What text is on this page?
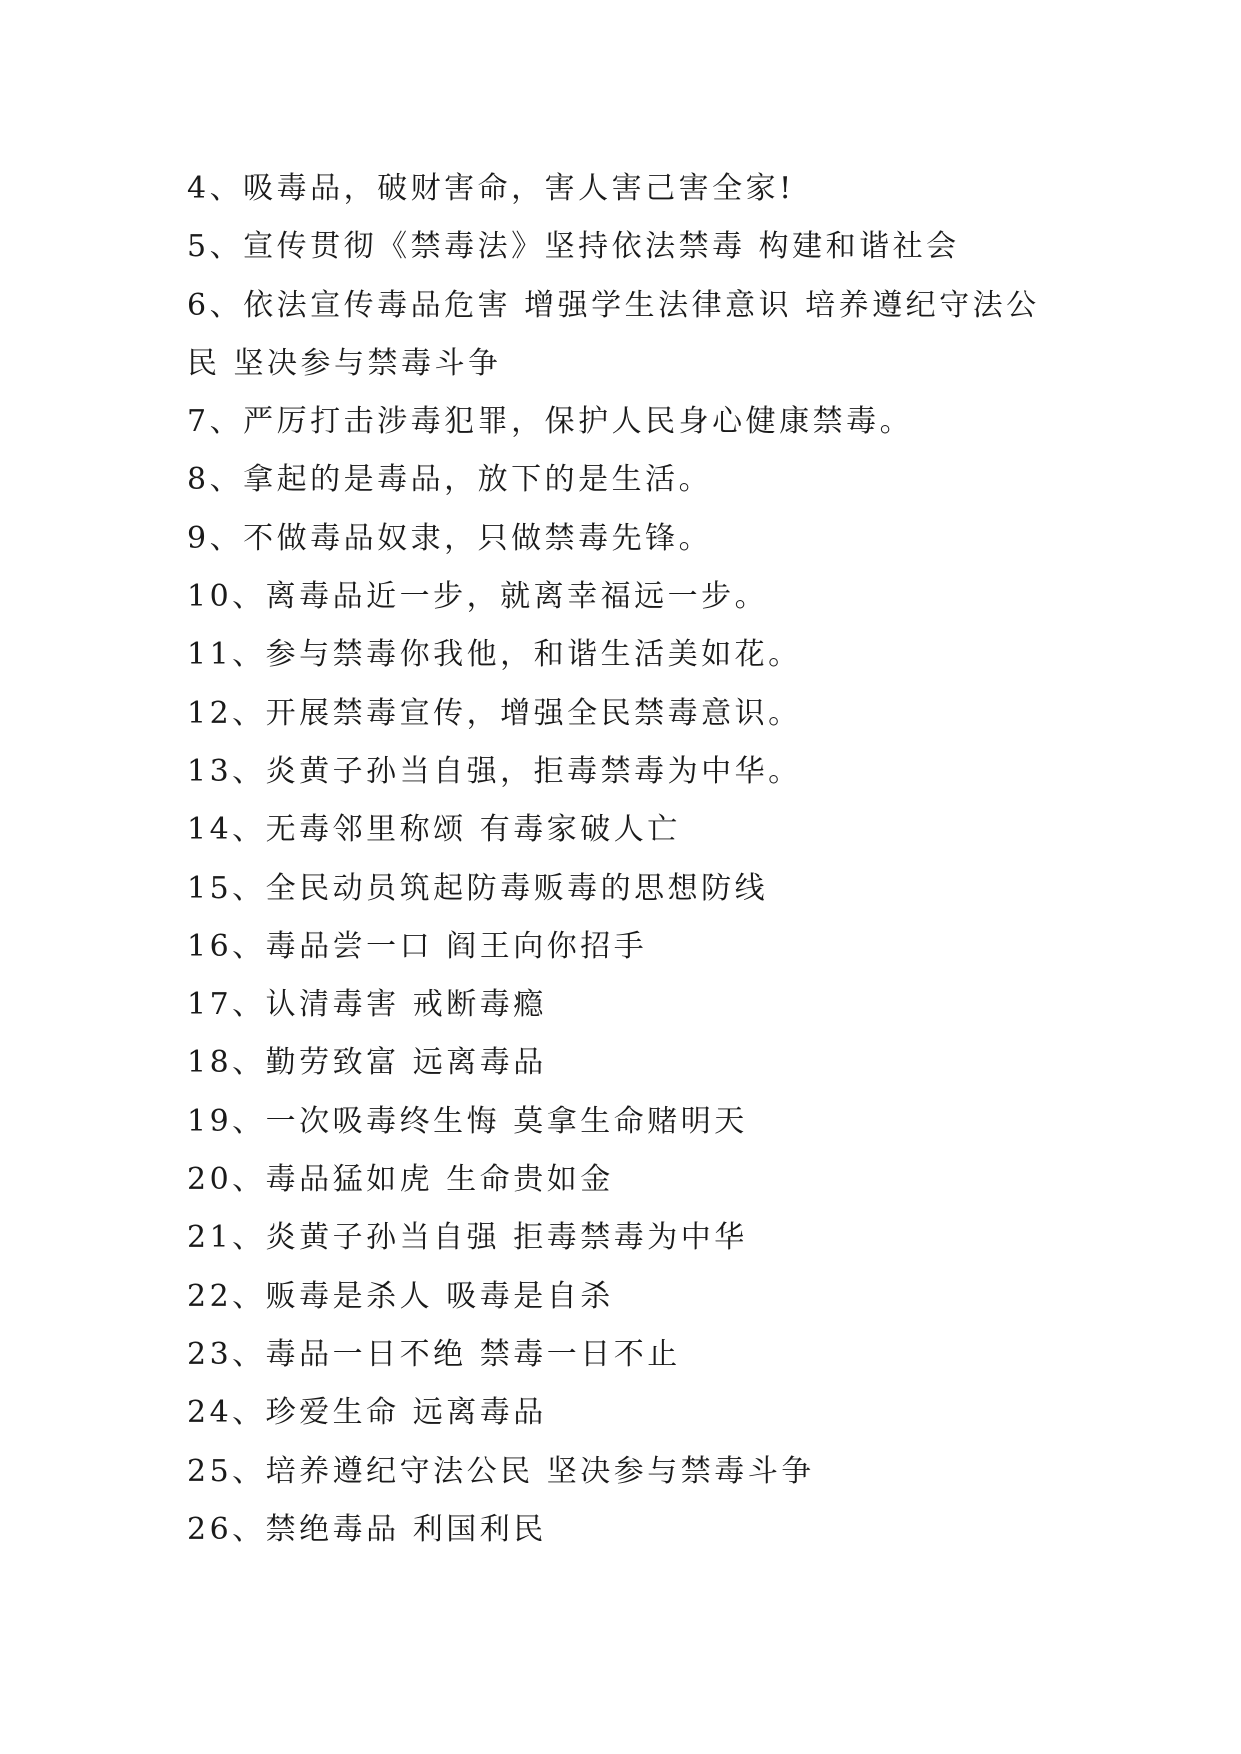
4、吸毒品，破财害命，害人害己害全家!
5、宣传贯彻《禁毒法》坚持依法禁毒 构建和谐社会
6、依法宣传毒品危害 增强学生法律意识 培养遵纪守法公
民 坚决参与禁毒斗争
7、严厉打击涉毒犯罪，保护人民身心健康禁毒。
8、拿起的是毒品，放下的是生活。
9、不做毒品奴隶，只做禁毒先锋。
10、离毒品近一步，就离幸福远一步。
11、参与禁毒你我他，和谐生活美如花。
12、开展禁毒宣传，增强全民禁毒意识。
13、炎黄子孙当自强，拒毒禁毒为中华。
14、无毒邻里称颂 有毒家破人亡
15、全民动员筑起防毒贩毒的思想防线
16、毒品尝一口 阎王向你招手
17、认清毒害 戒断毒瘾
18、勤劳致富 远离毒品
19、一次吸毒终生悔 莫拿生命赌明天
20、毒品猛如虎 生命贵如金
21、炎黄子孙当自强 拒毒禁毒为中华
22、贩毒是杀人 吸毒是自杀
23、毒品一日不绝 禁毒一日不止
24、珍爱生命 远离毒品
25、培养遵纪守法公民 坚决参与禁毒斗争
26、禁绝毒品 利国利民
